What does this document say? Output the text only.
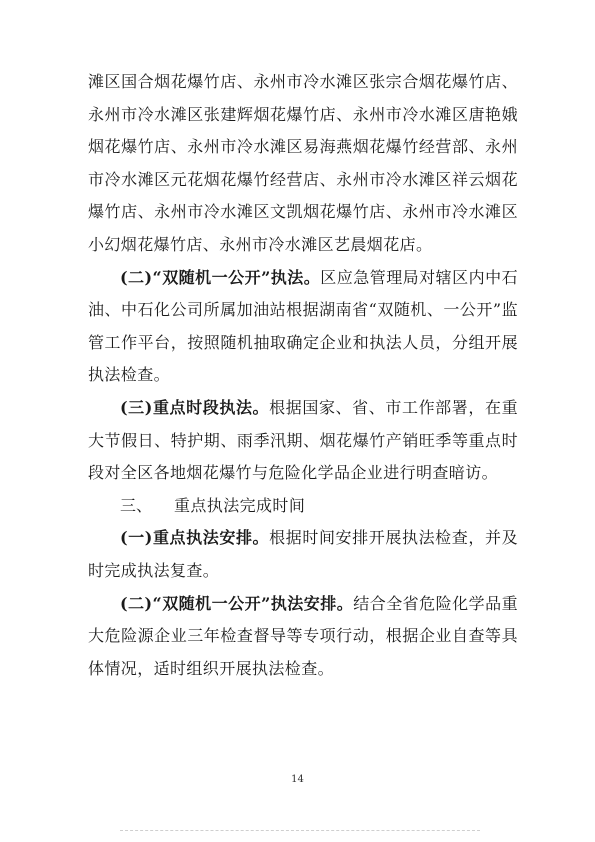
滩区国合烟花爆竹店、永州市冷水滩区张宗合烟花爆竹店、永州市冷水滩区张建辉烟花爆竹店、永州市冷水滩区唐艳娥烟花爆竹店、永州市冷水滩区易海燕烟花爆竹经营部、永州市冷水滩区元花烟花爆竹经营店、永州市冷水滩区祥云烟花爆竹店、永州市冷水滩区文凯烟花爆竹店、永州市冷水滩区小幻烟花爆竹店、永州市冷水滩区艺晨烟花店。

(二)“双随机一公开”执法。区应急管理局对辖区内中石油、中石化公司所属加油站根据湖南省“双随机、一公开”监管工作平台，按照随机抽取确定企业和执法人员，分组开展执法检查。

(三)重点时段执法。根据国家、省、市工作部署，在重大节假日、特护期、雨季汛期、烟花爆竹产销旺季等重点时段对全区各地烟花爆竹与危险化学品企业进行明查暗访。

三、 重点执法完成时间

(一)重点执法安排。根据时间安排开展执法检查，并及时完成执法复查。

(二)“双随机一公开”执法安排。结合全省危险化学品重大危险源企业三年检查督导等专项行动，根据企业自查等具体情况，适时组织开展执法检查。

14
